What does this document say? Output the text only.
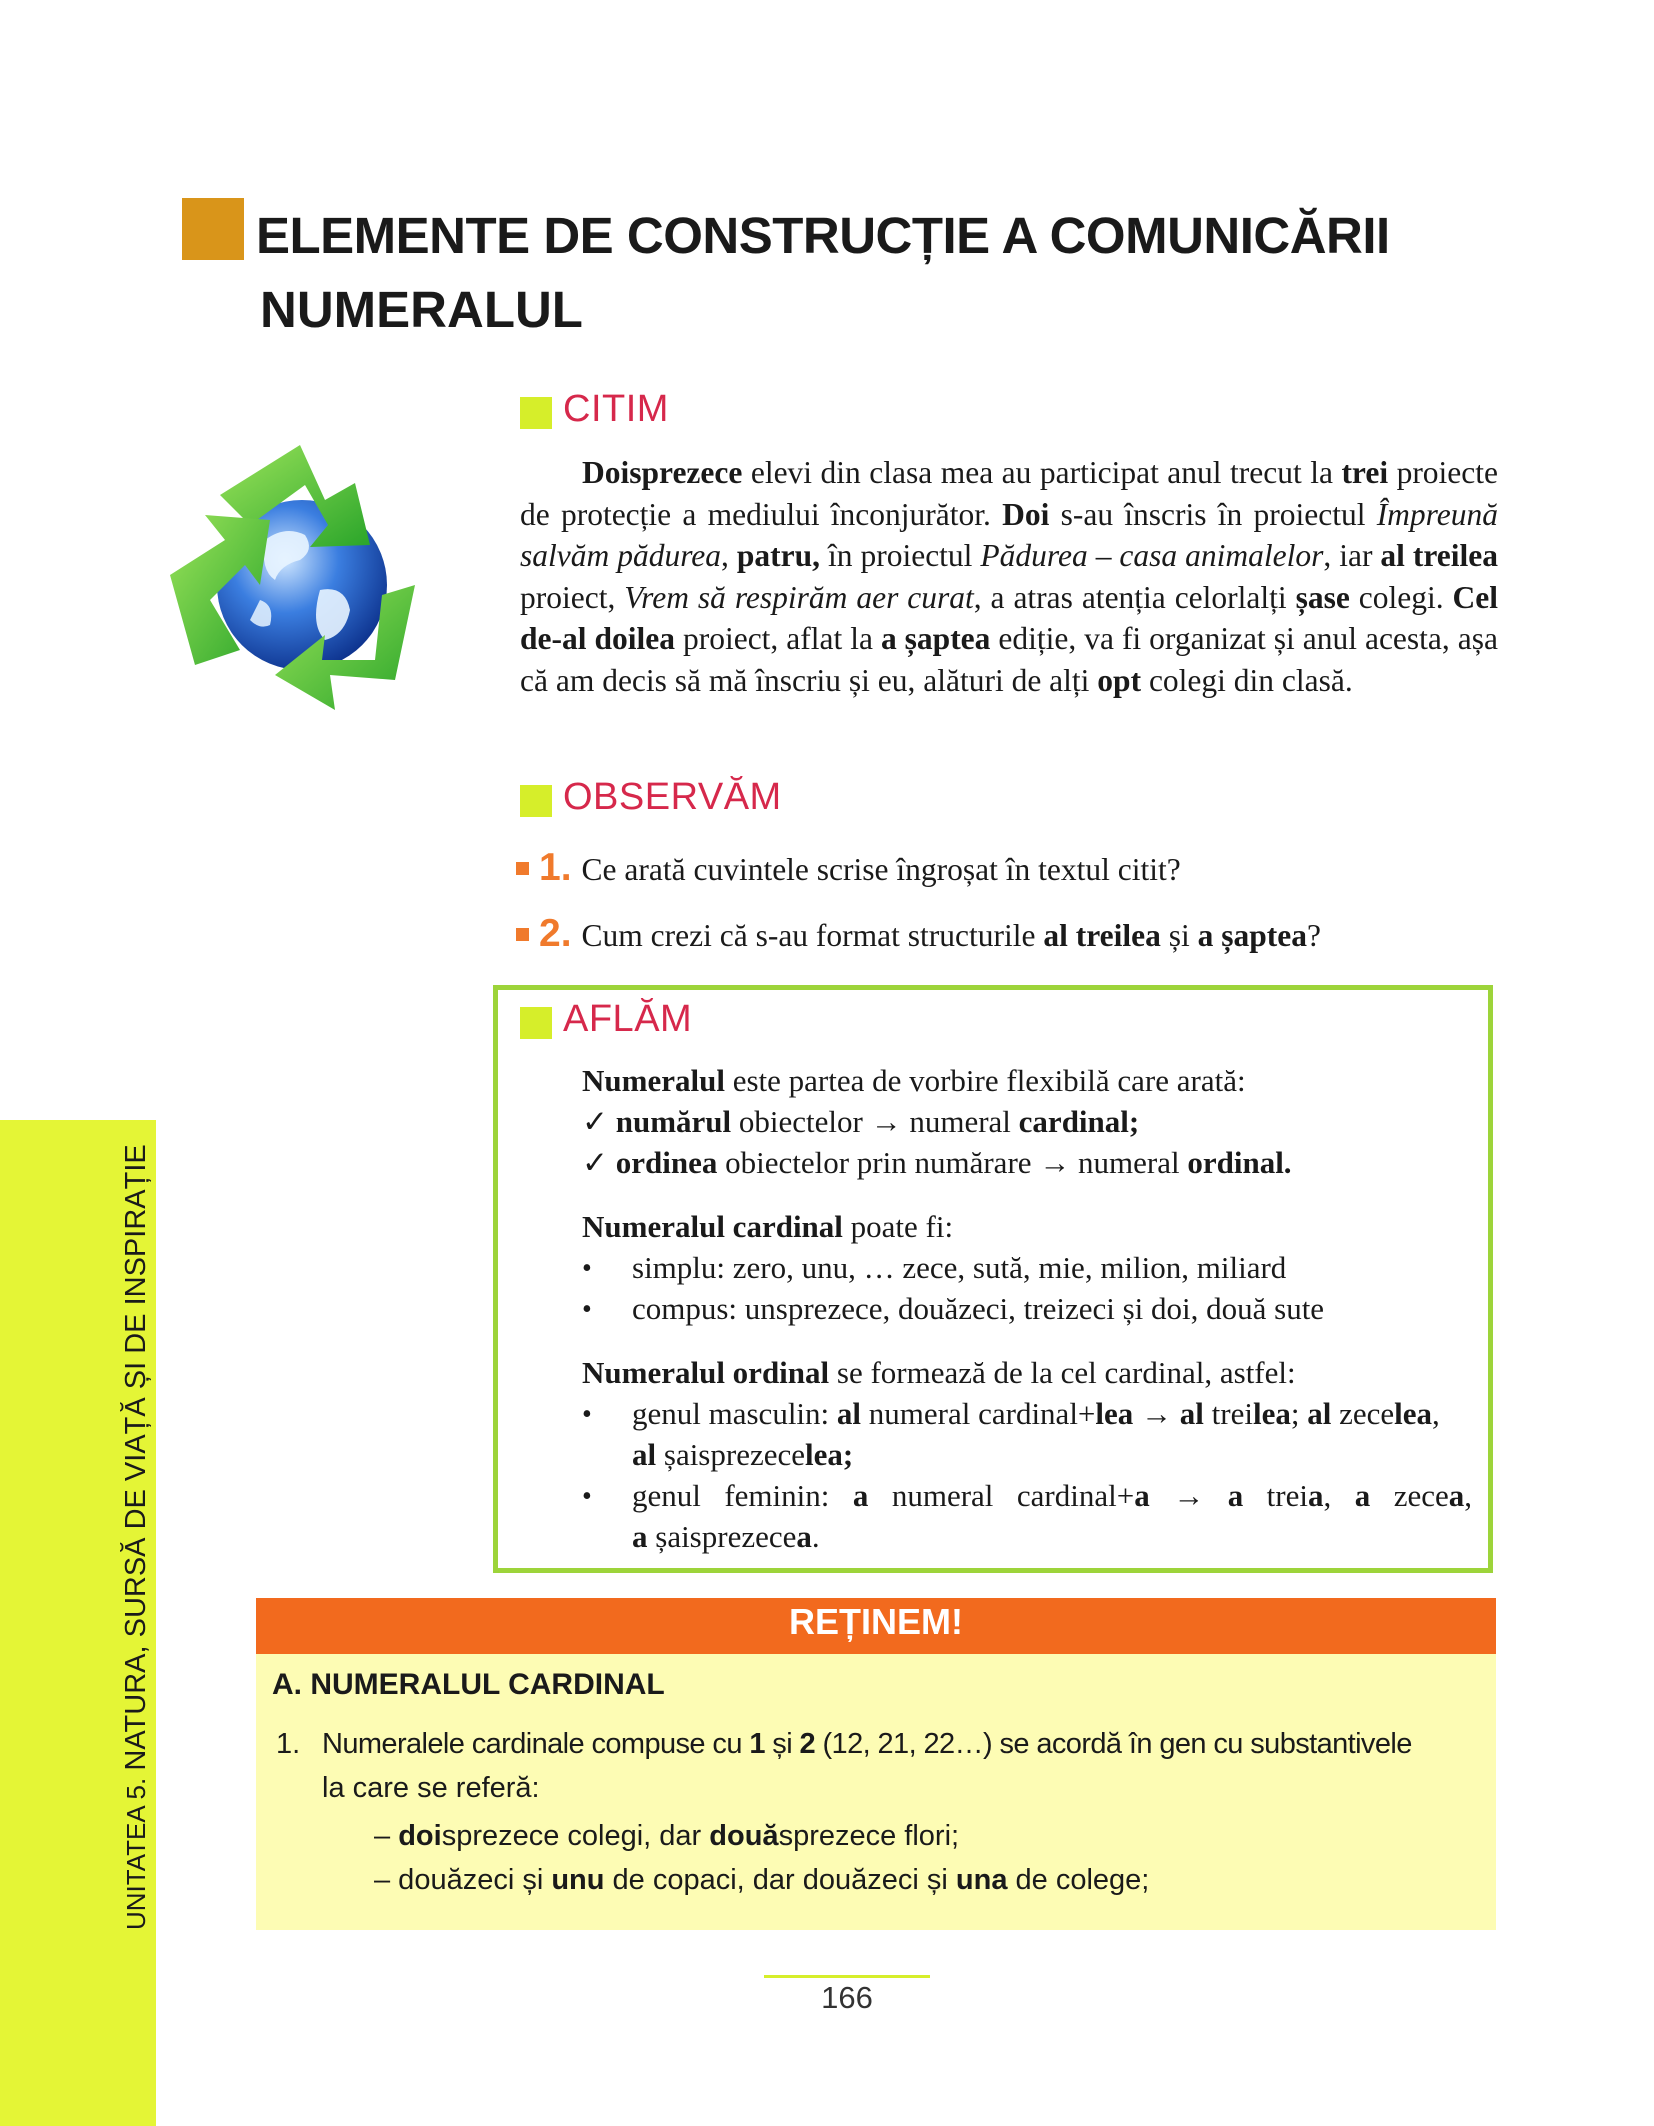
ELEMENTE DE CONSTRUCȚIE A COMUNICĂRII
NUMERALUL
CITIM

Doisprezece elevi din clasa mea au participat anul trecut la trei proiecte de protecție a mediului înconjurător. Doi s-au înscris în proiectul Împreună salvăm pădurea, patru, în proiectul Pădurea – casa animalelor, iar al treilea proiect, Vrem să respirăm aer curat, a atras atenția celorlalți șase colegi. Cel de-al doilea proiect, aflat la a șaptea ediție, va fi organizat și anul acesta, așa că am decis să mă înscriu și eu, alături de alți opt colegi din clasă.

OBSERVĂM
1. Ce arată cuvintele scrise îngroșat în textul citit?
2. Cum crezi că s-au format structurile al treilea și a șaptea?
AFLĂM
Numeralul este partea de vorbire flexibilă care arată:
✓ numărul obiectelor → numeral cardinal;
✓ ordinea obiectelor prin numărare → numeral ordinal.
Numeralul cardinal poate fi:
• simplu: zero, unu, … zece, sută, mie, milion, miliard
• compus: unsprezece, douăzeci, treizeci și doi, două sute
Numeralul ordinal se formează de la cel cardinal, astfel:
• genul masculin: al numeral cardinal+lea → al treilea; al zecelea,
al șaisprezecelea;
• genul feminin: a numeral cardinal+a → a treia, a zecea,
a șaisprezecea.
REȚINEM!
A. NUMERALUL CARDINAL
1. Numeralele cardinale compuse cu 1 și 2 (12, 21, 22…) se acordă în gen cu substantivele
la care se referă:
– doisprezece colegi, dar douăsprezece flori;
– douăzeci și unu de copaci, dar douăzeci și una de colege;
UNITATEA 5. NATURA, SURSĂ DE VIAȚĂ ȘI DE INSPIRAȚIE
166
